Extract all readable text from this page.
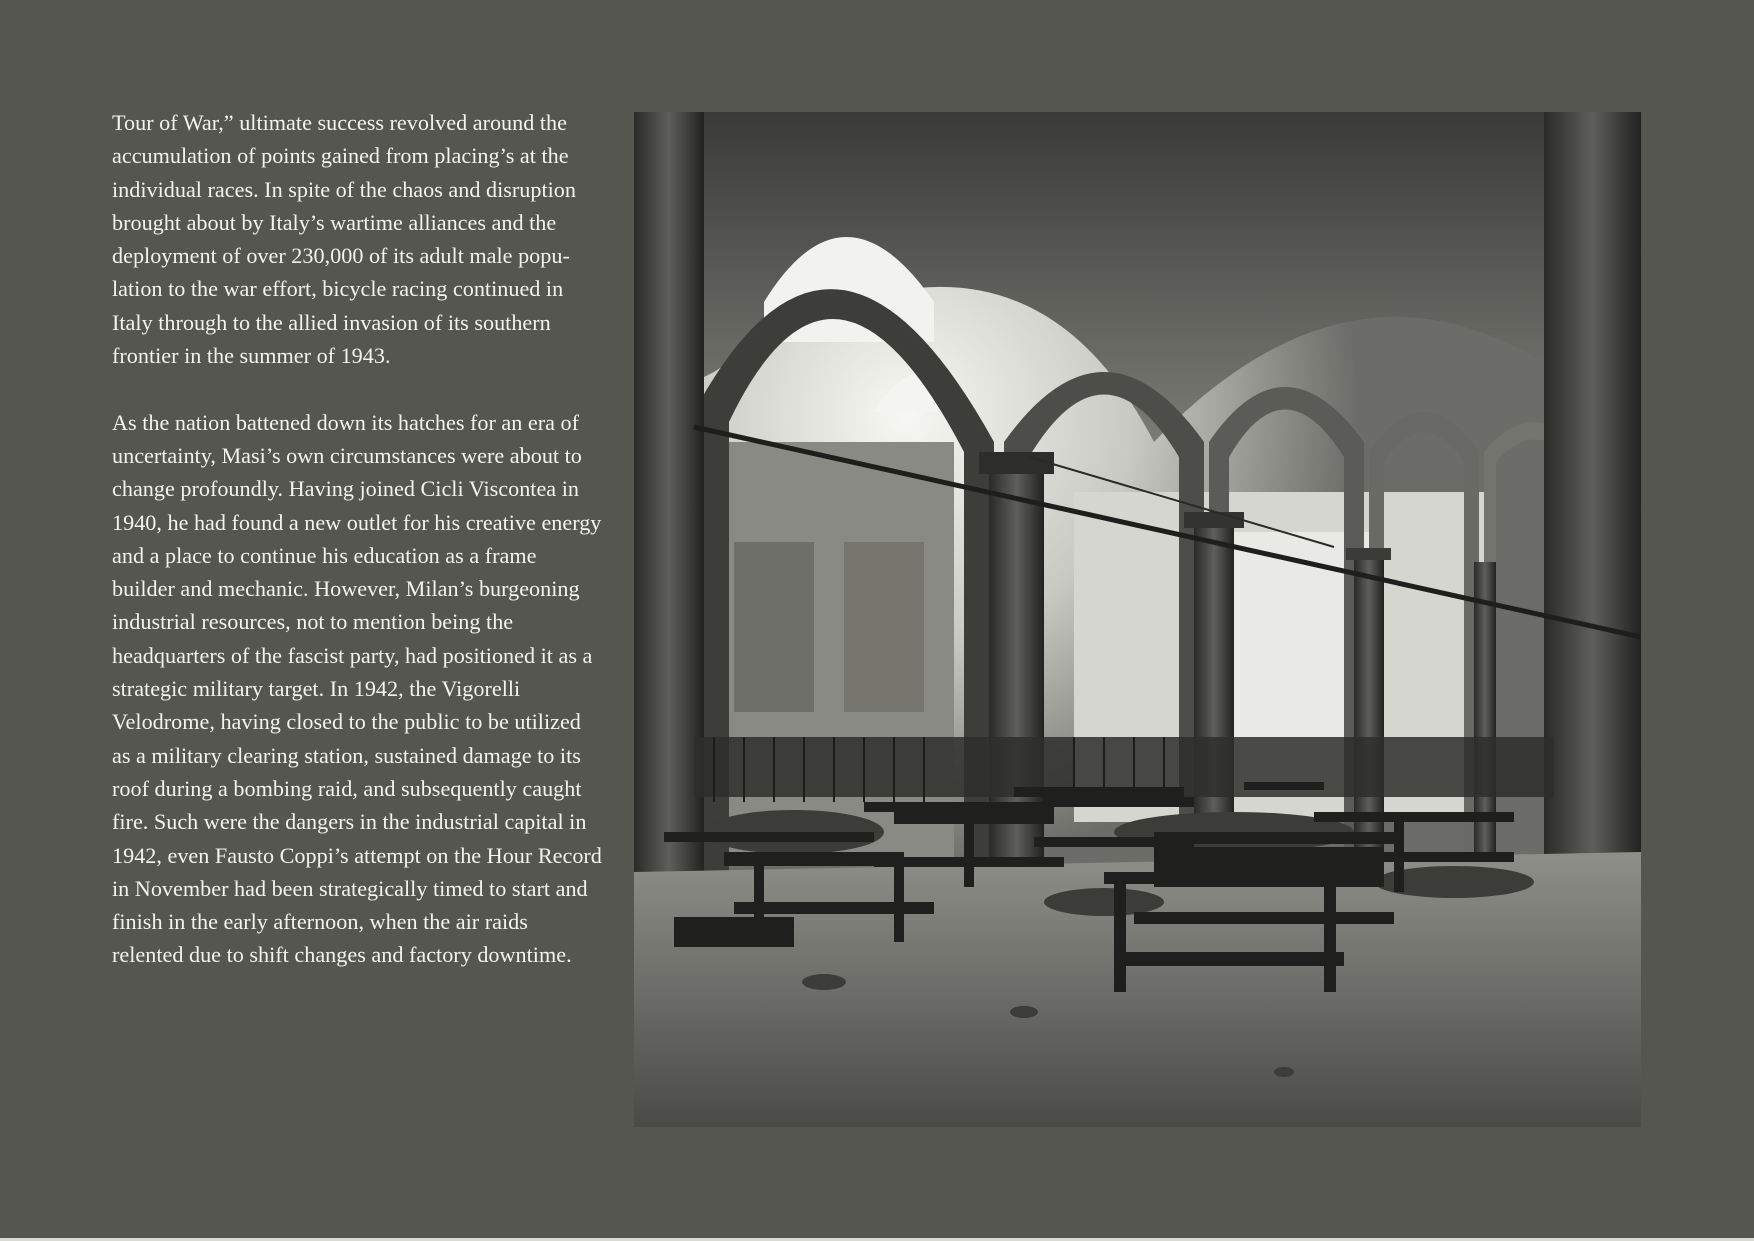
Tour of War,” ultimate success revolved around the accumulation of points gained from placing’s at the individual races. In spite of the chaos and disruption brought about by Italy’s wartime alliances and the deployment of over 230,000 of its adult male population to the war effort, bicycle racing continued in Italy through to the allied invasion of its southern frontier in the summer of 1943.

As the nation battened down its hatches for an era of uncertainty, Masi’s own circumstances were about to change profoundly. Having joined Cicli Viscontea in 1940, he had found a new outlet for his creative energy and a place to continue his education as a frame builder and mechanic. However, Milan’s burgeoning industrial resources, not to mention being the headquarters of the fascist party, had positioned it as a strategic military target. In 1942, the Vigorelli Velodrome, having closed to the public to be utilized as a military clearing station, sustained damage to its roof during a bombing raid, and subsequently caught fire. Such were the dangers in the industrial capital in 1942, even Fausto Coppi’s attempt on the Hour Record in November had been strategically timed to start and finish in the early afternoon, when the air raids relented due to shift changes and factory downtime.
